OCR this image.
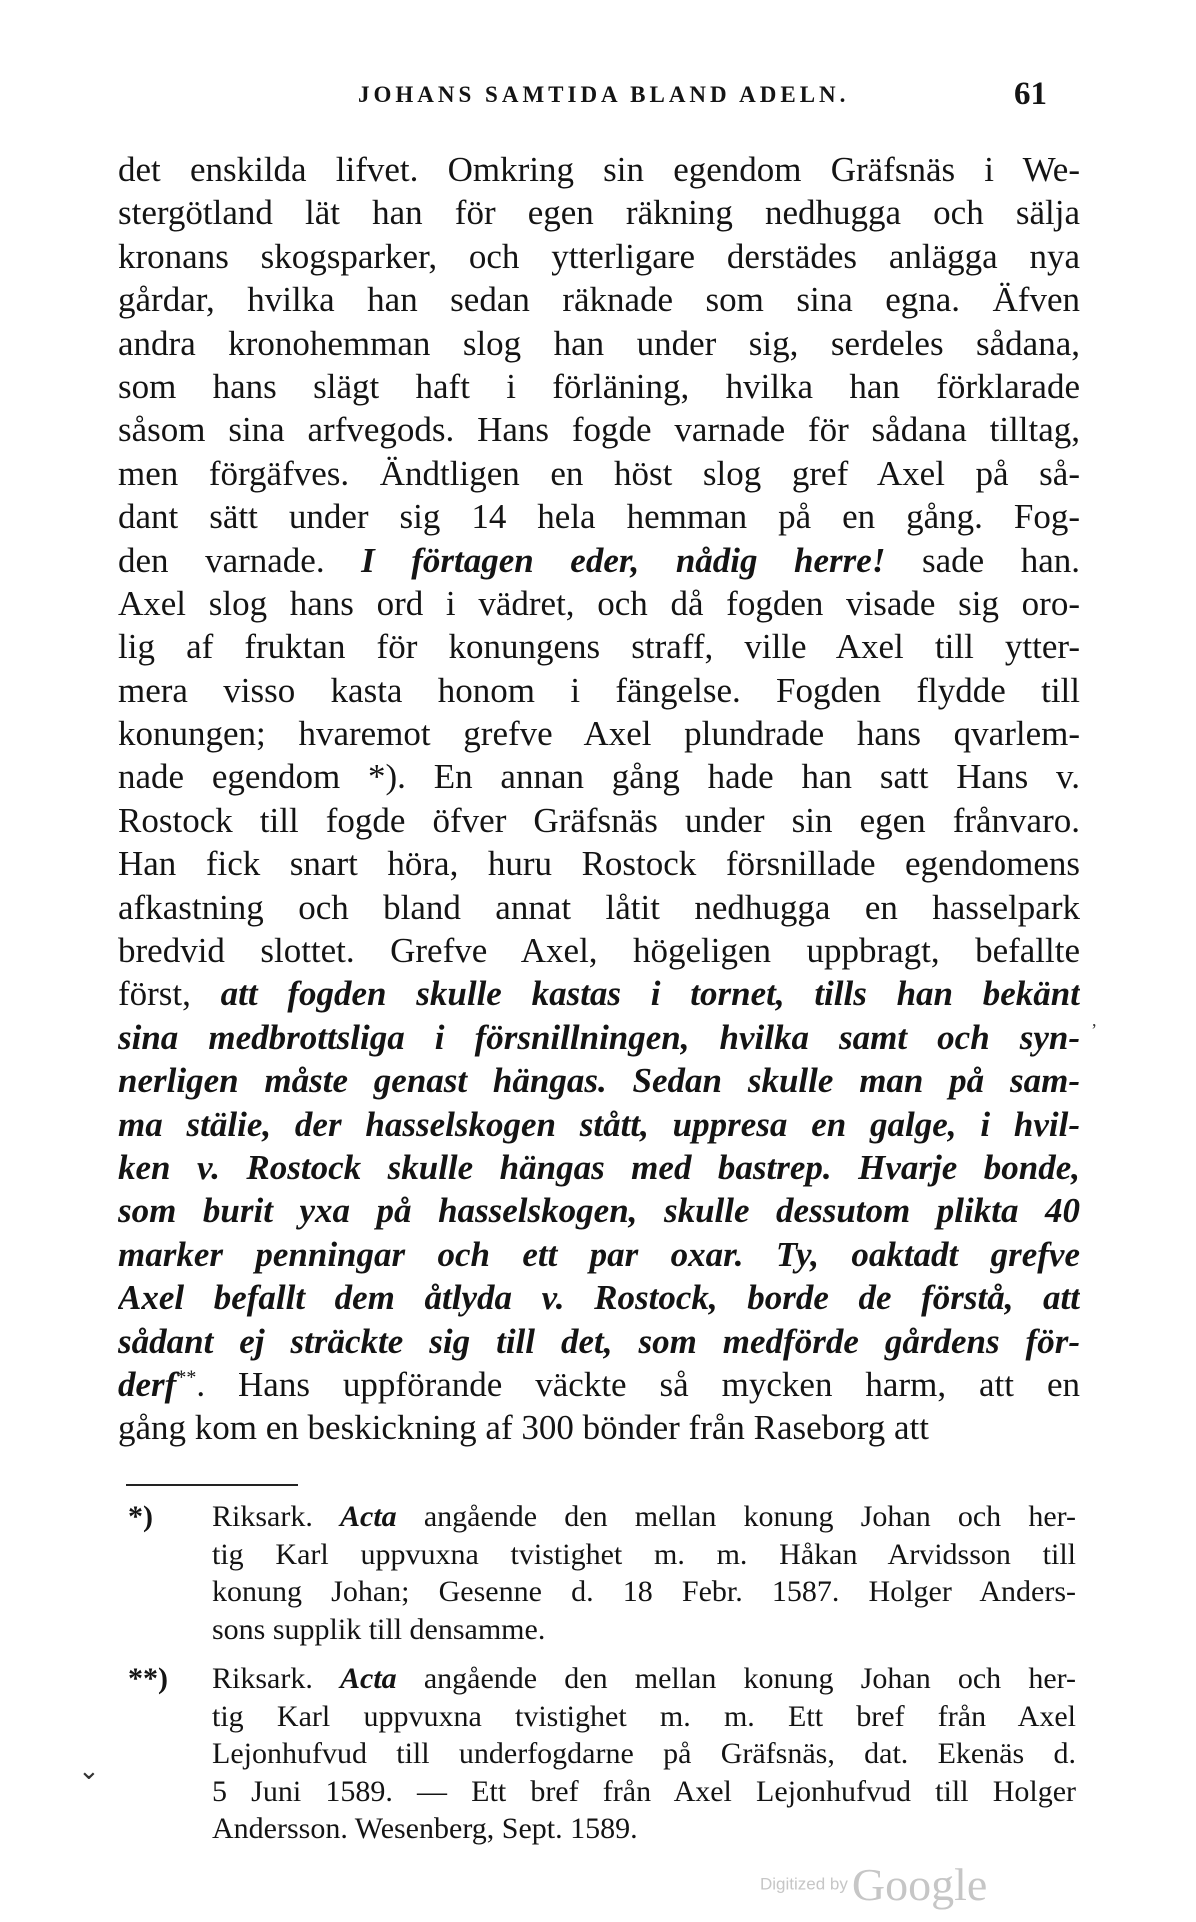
JOHANS SAMTIDA BLAND ADELN.	61
det enskilda lifvet. Omkring sin egendom Gräfsnäs i We-
stergötland lät han för egen räkning nedhugga och sälja
kronans skogsparker, och ytterligare derstädes anlägga nya
gårdar, hvilka han sedan räknade som sina egna. Äfven
andra kronohemman slog han under sig, serdeles sådana,
som hans slägt haft i förläning, hvilka han förklarade
såsom sina arfvegods. Hans fogde varnade för sådana tilltag,
men förgäfves. Ändtligen en höst slog gref Axel på så-
dant sätt under sig 14 hela hemman på en gång. Fog-
den varnade. I förtagen eder, nådig herre! sade han.
Axel slog hans ord i vädret, och då fogden visade sig oro-
lig af fruktan för konungens straff, ville Axel till ytter-
mera visso kasta honom i fängelse. Fogden flydde till
konungen; hvaremot grefve Axel plundrade hans qvarlem-
nade egendom *). En annan gång hade han satt Hans v.
Rostock till fogde öfver Gräfsnäs under sin egen frånvaro.
Han fick snart höra, huru Rostock försnillade egendomens
afkastning och bland annat låtit nedhugga en hasselpark
bredvid slottet. Grefve Axel, högeligen uppbragt, befallte
först, att fogden skulle kastas i tornet, tills han bekänt
sina medbrottsliga i försnillningen, hvilka samt och syn-
nerligen måste genast hängas. Sedan skulle man på sam-
ma stälie, der hasselskogen stått, uppresa en galge, i hvil-
ken v. Rostock skulle hängas med bastrep. Hvarje bonde,
som burit yxa på hasselskogen, skulle dessutom plikta 40
marker penningar och ett par oxar. Ty, oaktadt grefve
Axel befallt dem åtlyda v. Rostock, borde de förstå, att
sådant ej sträckte sig till det, som medförde gårdens för-
derf**. Hans uppförande väckte så mycken harm, att en
gång kom en beskickning af 300 bönder från Raseborg att
,
*) Riksark. Acta angående den mellan konung Johan och her-
tig Karl uppvuxna tvistighet m. m. Håkan Arvidsson till
konung Johan; Gesenne d. 18 Febr. 1587. Holger Anders-
sons supplik till densamme.
**) Riksark. Acta angående den mellan konung Johan och her-
tig Karl uppvuxna tvistighet m. m. Ett bref från Axel
Lejonhufvud till underfogdarne på Gräfsnäs, dat. Ekenäs d.
5 Juni 1589. — Ett bref från Axel Lejonhufvud till Holger
Andersson. Wesenberg, Sept. 1589.
⌄
Digitized byGoogle
